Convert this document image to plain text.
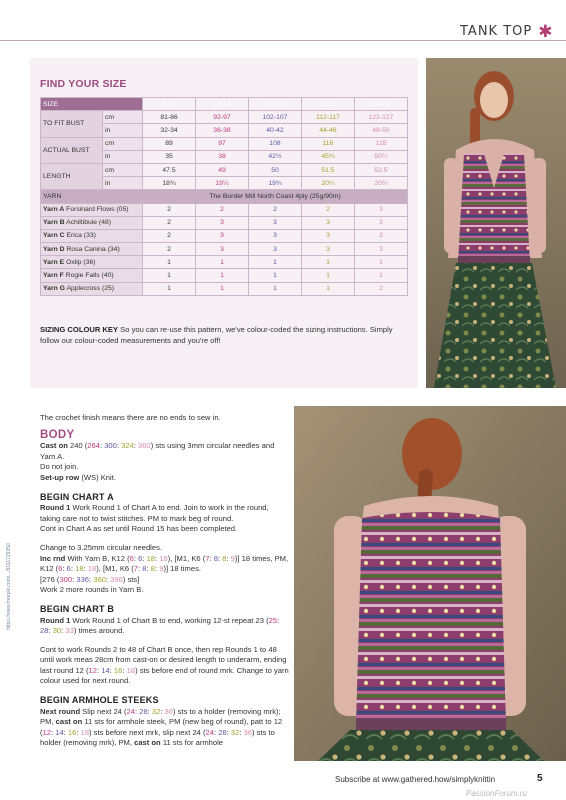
TANK TOP ✱
FIND YOUR SIZE
SIZE		8-10	12-14	16-18	20-22	24-26
TO FIT BUST	cm	81-86	92-97	102-107	112-117	122-127
	in	32-34	36-38	40-42	44-46	48-50
ACTUAL BUST	cm	89	97	108	116	128
	in	35	38	42½	45¾	50¼
LENGTH	cm	47.5	49	50	51.5	52.5
	in	18¾	19¼	19¾	20¼	20¾
YARN		The Border Mill North Coast 4ply (25g/90m)				
Yarn A Forsinard Flows (05)		2	2	2	2	3
Yarn B Achiltibuie (48)		2	3	3	3	3
Yarn C Erica (33)		2	3	3	3	3
Yarn D Rosa Canina (34)		2	3	3	3	3
Yarn E Oxlip (36)		1	1	1	1	1
Yarn F Rogie Falls (40)		1	1	1	1	1
Yarn G Applecross (25)		1	1	1	1	2
SIZING COLOUR KEY So you can re-use this pattern, we've colour-coded the sizing instructions. Simply follow our colour-coded measurements and you're off!

The crochet finish means there are no ends to sew in.

BODY

Cast on 240 (264: 300: 324: 360) sts using 3mm circular needles and Yarn A.

Do not join.

Set-up row (WS) Knit.

BEGIN CHART A

Round 1 Work Round 1 of Chart A to end. Join to work in the round, taking care not to twist stitches. PM to mark beg of round.

Cont in Chart A as set until Round 15 has been completed.

Change to 3.25mm circular needles.

Inc rnd With Yarn B, K12 (6: 6: 18: 18), [M1, K6 (7: 8: 8: 9)] 18 times, PM, K12 (6: 6: 18: 18), [M1, K6 (7: 8: 8: 9)] 18 times.

[276 (300: 336: 360: 396) sts]

Work 2 more rounds in Yarn B.

BEGIN CHART B

Round 1 Work Round 1 of Chart B to end, working 12-st repeat 23 (25: 28: 30: 33) times around.

Cont to work Rounds 2 to 48 of Chart B once, then rep Rounds 1 to 48 until work meas 28cm from cast-on or desired length to underarm, ending last round 12 (12: 14: 16: 18) sts before end of round mrk. Change to yarn colour used for next round.

BEGIN ARMHOLE STEEKS

Next round Slip next 24 (24: 28: 32: 36) sts to a holder (removing mrk); PM, cast on 11 sts for armhole steek, PM (new beg of round), patt to 12 (12: 14: 16: 18) sts before next mrk, slip next 24 (24: 28: 32: 36) sts to holder (removing mrk), PM, cast on 11 sts for armhole

https://www.freepik.com/.../9111729350
Subscribe at www.gathered.how/simplyknittin	5
PassionForum.ru
